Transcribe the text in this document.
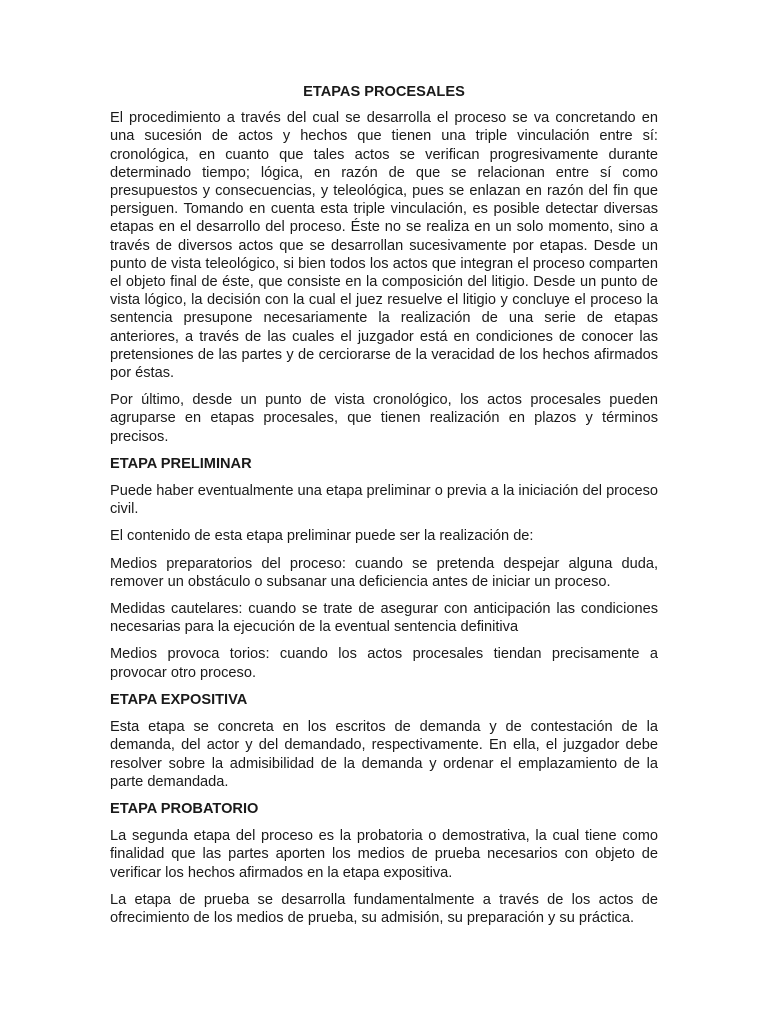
ETAPAS PROCESALES

El procedimiento a través del cual se desarrolla el proceso se va concretando en una sucesión de actos y hechos que tienen una triple vinculación entre sí: cronológica, en cuanto que tales actos se verifican progresivamente durante determinado tiempo; lógica, en razón de que se relacionan entre sí como presupuestos y consecuencias, y teleológica, pues se enlazan en razón del fin que persiguen. Tomando en cuenta esta triple vinculación, es posible detectar diversas etapas en el desarrollo del proceso. Éste no se realiza en un solo momento, sino a través de diversos actos que se desarrollan sucesivamente por etapas. Desde un punto de vista teleológico, si bien todos los actos que integran el proceso comparten el objeto final de éste, que consiste en la composición del litigio. Desde un punto de vista lógico, la decisión con la cual el juez resuelve el litigio y concluye el proceso la sentencia presupone necesariamente la realización de una serie de etapas anteriores, a través de las cuales el juzgador está en condiciones de conocer las pretensiones de las partes y de cerciorarse de la veracidad de los hechos afirmados por éstas.

Por último, desde un punto de vista cronológico, los actos procesales pueden agruparse en etapas procesales, que tienen realización en plazos y términos precisos.

ETAPA PRELIMINAR

Puede haber eventualmente una etapa preliminar o previa a la iniciación del proceso civil.

El contenido de esta etapa preliminar puede ser la realización de:

Medios preparatorios del proceso: cuando se pretenda despejar alguna duda, remover un obstáculo o subsanar una deficiencia antes de iniciar un proceso.

Medidas cautelares: cuando se trate de asegurar con anticipación las condiciones necesarias para la ejecución de la eventual sentencia definitiva

Medios provoca torios: cuando los actos procesales tiendan precisamente a provocar otro proceso.

ETAPA EXPOSITIVA

Esta etapa se concreta en los escritos de demanda y de contestación de la demanda, del actor y del demandado, respectivamente. En ella, el juzgador debe resolver sobre la admisibilidad de la demanda y ordenar el emplazamiento de la parte demandada.

ETAPA PROBATORIO

La segunda etapa del proceso es la probatoria o demostrativa, la cual tiene como finalidad que las partes aporten los medios de prueba necesarios con objeto de verificar los hechos afirmados en la etapa expositiva.

La etapa de prueba se desarrolla fundamentalmente a través de los actos de ofrecimiento de los medios de prueba, su admisión, su preparación y su práctica.
